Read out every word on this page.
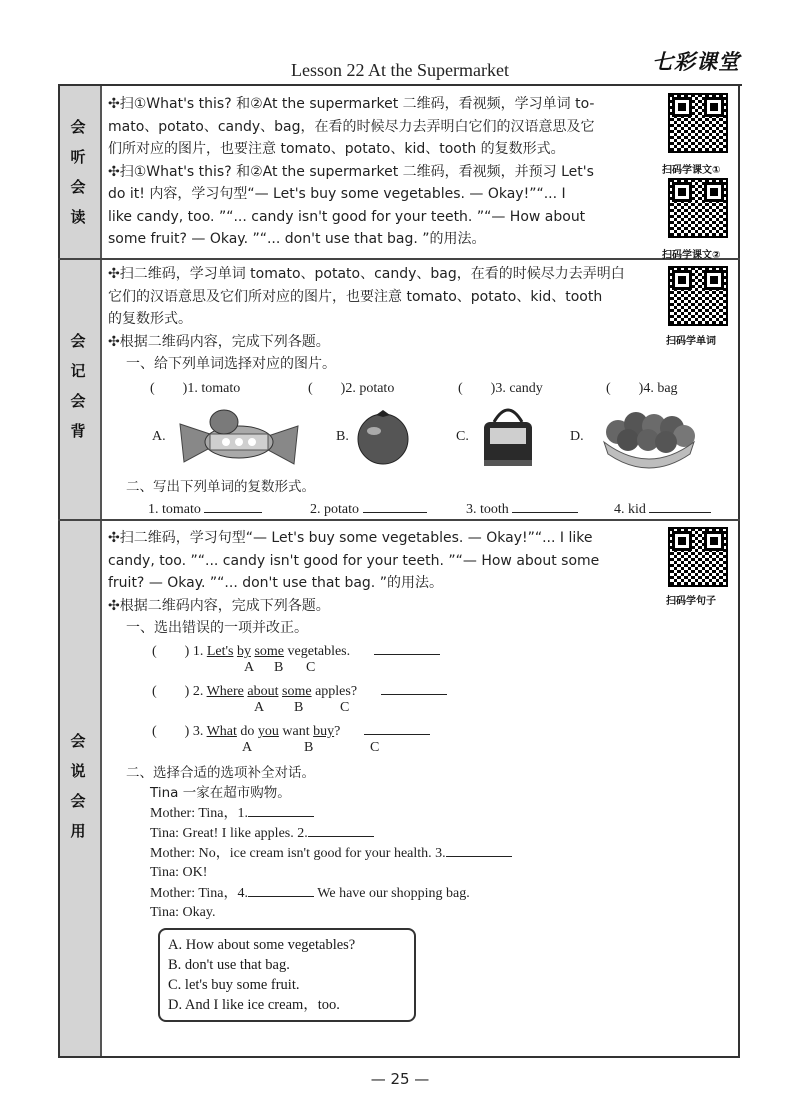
Lesson 22 At the Supermarket	七彩课堂
会
听
会
读
会
记
会
背
会
说
会
用
✣扫①What's this? 和②At the supermarket 二维码，看视频，学习单词 to-
mato、potato、candy、bag，在看的时候尽力去弄明白它们的汉语意思及它
们所对应的图片，也要注意 tomato、potato、kid、tooth 的复数形式。
✣扫①What's this? 和②At the supermarket 二维码，看视频，并预习 Let's
do it! 内容，学习句型“— Let's buy some vegetables. — Okay!”“... I
like candy, too. ”“... candy isn't good for your teeth. ”“— How about
some fruit? — Okay. ”“... don't use that bag. ”的用法。
扫码学课文①
扫码学课文②
✣扫二维码，学习单词 tomato、potato、candy、bag，在看的时候尽力去弄明白
它们的汉语意思及它们所对应的图片，也要注意 tomato、potato、kid、tooth
的复数形式。
✣根据二维码内容，完成下列各题。
一、给下列单词选择对应的图片。
扫码学单词
(　　)1. tomato	(　　)2. potato	(　　)3. candy	(　　)4. bag
A.	B.	C.	D.
二、写出下列单词的复数形式。
1. tomato	2. potato	3. tooth	4. kid
✣扫二维码，学习句型“— Let's buy some vegetables. — Okay!”“... I like
candy, too. ”“... candy isn't good for your teeth. ”“— How about some
fruit? — Okay. ”“... don't use that bag. ”的用法。
✣根据二维码内容，完成下列各题。
一、选出错误的一项并改正。
扫码学句子
(　　) 1. Let's by some vegetables.
A B C
(　　) 2. Where about some apples?
A B	C
(　　) 3. What do you want buy?
A	B	C
二、选择合适的选项补全对话。
Tina 一家在超市购物。
Mother: Tina，1.
Tina: Great! I like apples. 2.
Mother: No，ice cream isn't good for your health. 3.
Tina: OK!
Mother: Tina，4.	We have our shopping bag.
Tina: Okay.
A. How about some vegetables?
B. don't use that bag.
C. let's buy some fruit.
D. And I like ice cream，too.
— 25 —
